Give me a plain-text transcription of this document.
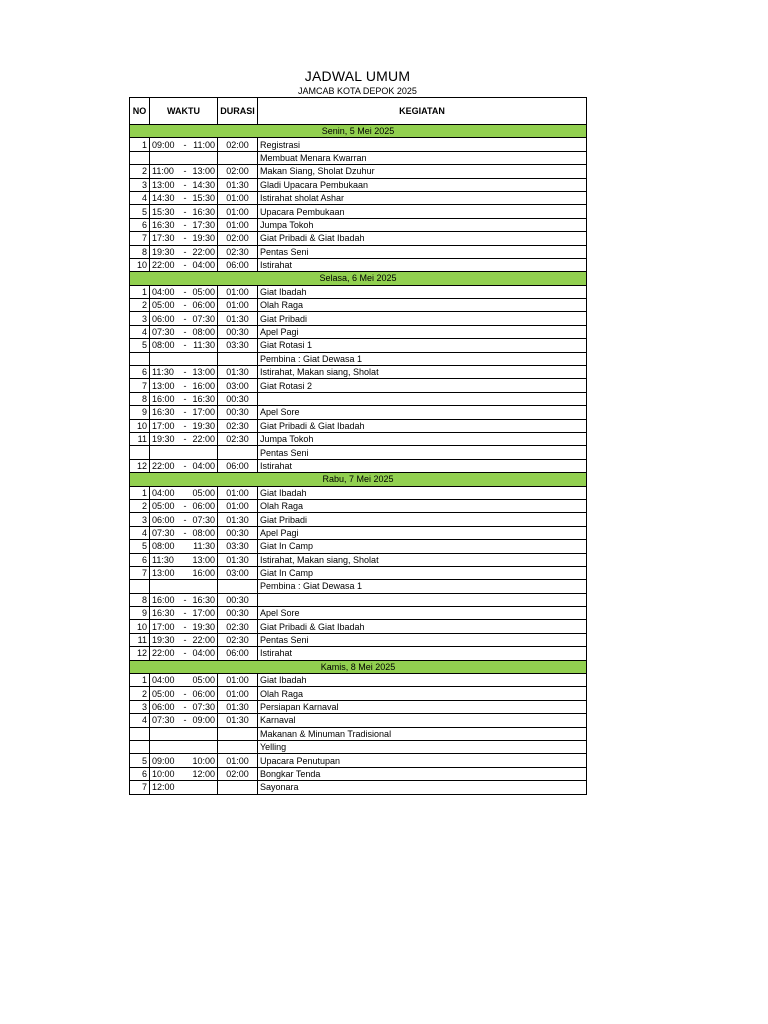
JADWAL UMUM
JAMCAB KOTA DEPOK 2025
NO	WAKTU	DURASI	KEGIATAN
Senin, 5 Mei 2025			
1	09:00 - 11:00	02:00	Registrasi

		Membuat Menara Kwarran
2	11:00 - 13:00	02:00	Makan Siang, Sholat Dzuhur
3	13:00 - 14:30	01:30	Gladi Upacara Pembukaan
4	14:30 - 15:30	01:00	Istirahat sholat Ashar
5	15:30 - 16:30	01:00	Upacara Pembukaan
6	16:30 - 17:30	01:00	Jumpa Tokoh
7	17:30 - 19:30	02:00	Giat Pribadi & Giat Ibadah
8	19:30 - 22:00	02:30	Pentas Seni
10	22:00 - 04:00	06:00	Istirahat
Selasa, 6 Mei 2025			
1	04:00 - 05:00	01:00	Giat Ibadah
2	05:00 - 06:00	01:00	Olah Raga
3	06:00 - 07:30	01:30	Giat Pribadi
4	07:30 - 08:00	00:30	Apel Pagi
5	08:00 - 11:30	03:30	Giat Rotasi 1

		Pembina : Giat Dewasa 1
6	11:30 - 13:00	01:30	Istirahat, Makan siang, Sholat
7	13:00 - 16:00	03:00	Giat Rotasi 2
8	16:00 - 16:30	00:30	
9	16:30 - 17:00	00:30	Apel Sore
10	17:00 - 19:30	02:30	Giat Pribadi & Giat Ibadah
11	19:30 - 22:00	02:30	Jumpa Tokoh

		Pentas Seni
12	22:00 - 04:00	06:00	Istirahat
Rabu, 7 Mei 2025			
1	04:00 05:00	01:00	Giat Ibadah
2	05:00 - 06:00	01:00	Olah Raga
3	06:00 - 07:30	01:30	Giat Pribadi
4	07:30 - 08:00	00:30	Apel Pagi
5	08:00 11:30	03:30	Giat In Camp
6	11:30 13:00	01:30	Istirahat, Makan siang, Sholat
7	13:00 16:00	03:00	Giat In Camp

		Pembina : Giat Dewasa 1
8	16:00 - 16:30	00:30	
9	16:30 - 17:00	00:30	Apel Sore
10	17:00 - 19:30	02:30	Giat Pribadi & Giat Ibadah
11	19:30 - 22:00	02:30	Pentas Seni
12	22:00 - 04:00	06:00	Istirahat
Kamis, 8 Mei 2025			
1	04:00 05:00	01:00	Giat Ibadah
2	05:00 - 06:00	01:00	Olah Raga
3	06:00 - 07:30	01:30	Persiapan Karnaval
4	07:30 - 09:00	01:30	Karnaval

		Makanan & Minuman Tradisional

		Yelling
5	09:00 10:00	01:00	Upacara Penutupan
6	10:00 12:00	02:00	Bongkar Tenda
7	12:00		Sayonara
